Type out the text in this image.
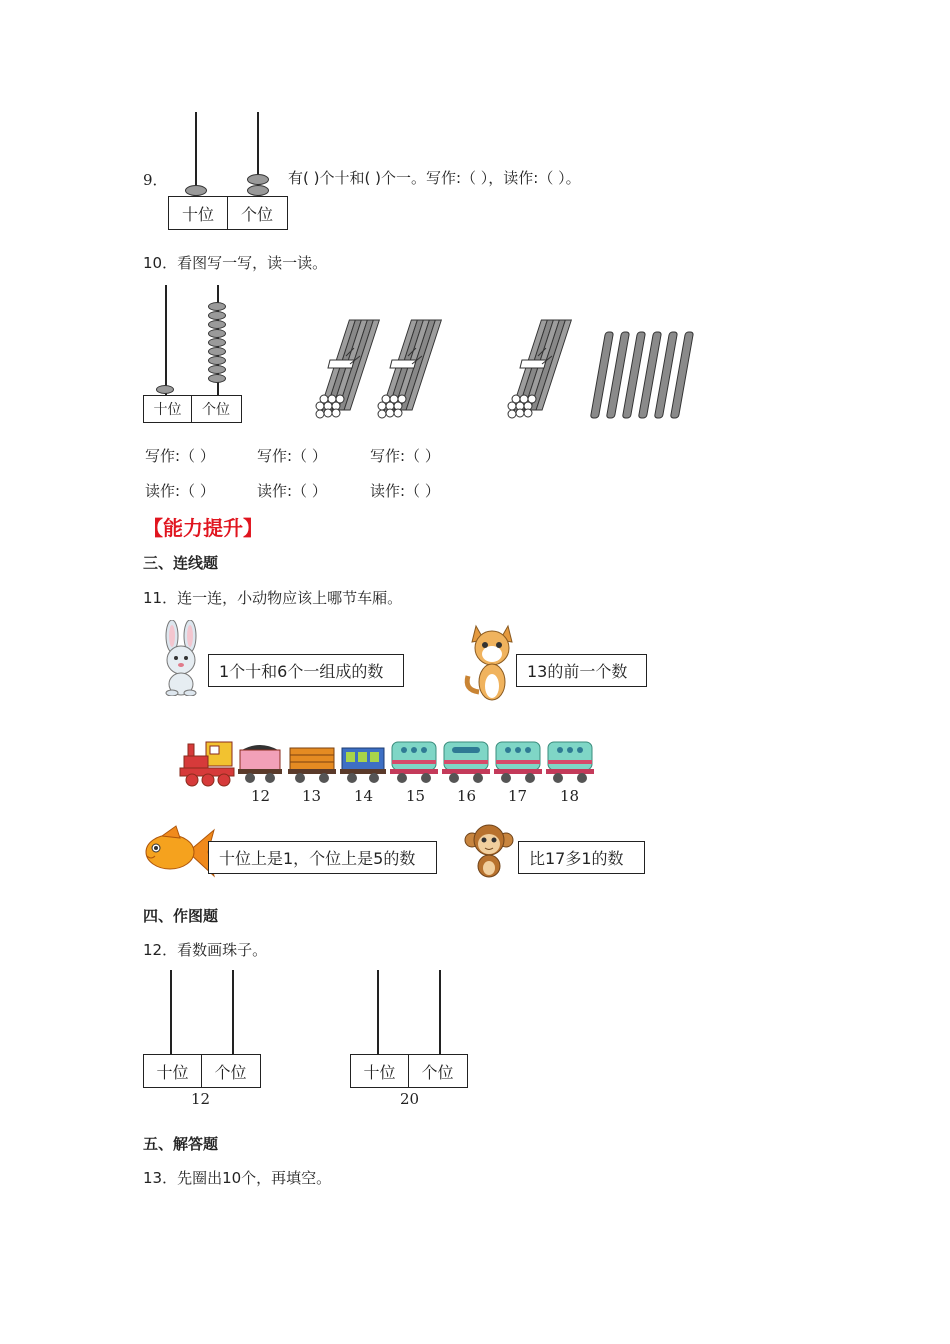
9．
十位	个位
有( )个十和( )个一。写作:（ ），读作:（ ）。
10．看图写一写，读一读。
十位	个位
写作:（ ）	写作:（ ）	写作:（ ）
读作:（ ）	读作:（ ）	读作:（ ）
【能力提升】
三、连线题
11．连一连，小动物应该上哪节车厢。
1个十和6个一组成的数	13的前一个数
12 13 14 15 16 17 18
十位上是1，个位上是5的数	比17多1的数
四、作图题
12．看数画珠子。
十位	个位
12
十位	个位
20
五、解答题
13．先圈出10个，再填空。
